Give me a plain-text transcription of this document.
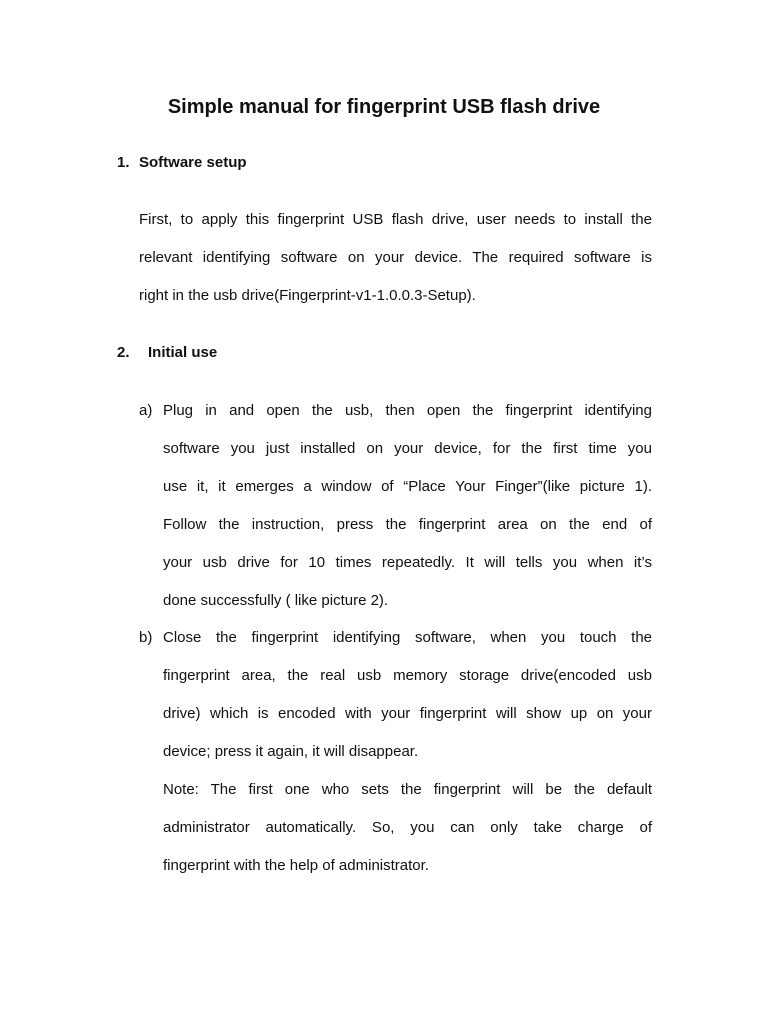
Simple manual for fingerprint USB flash drive
1. Software setup
First, to apply this fingerprint USB flash drive, user needs to install the
relevant identifying software on your device. The required software is
right in the usb drive(Fingerprint-v1-1.0.0.3-Setup).
2. Initial use
a) Plug in and open the usb, then open the fingerprint identifying
software you just installed on your device, for the first time you
use it, it emerges a window of “Place Your Finger”(like picture 1).
Follow the instruction, press the fingerprint area on the end of
your usb drive for 10 times repeatedly. It will tells you when it’s
done successfully ( like picture 2).
b) Close the fingerprint identifying software, when you touch the
fingerprint area, the real usb memory storage drive(encoded usb
drive) which is encoded with your fingerprint will show up on your
device; press it again, it will disappear.
Note: The first one who sets the fingerprint will be the default
administrator automatically. So, you can only take charge of
fingerprint with the help of administrator.
